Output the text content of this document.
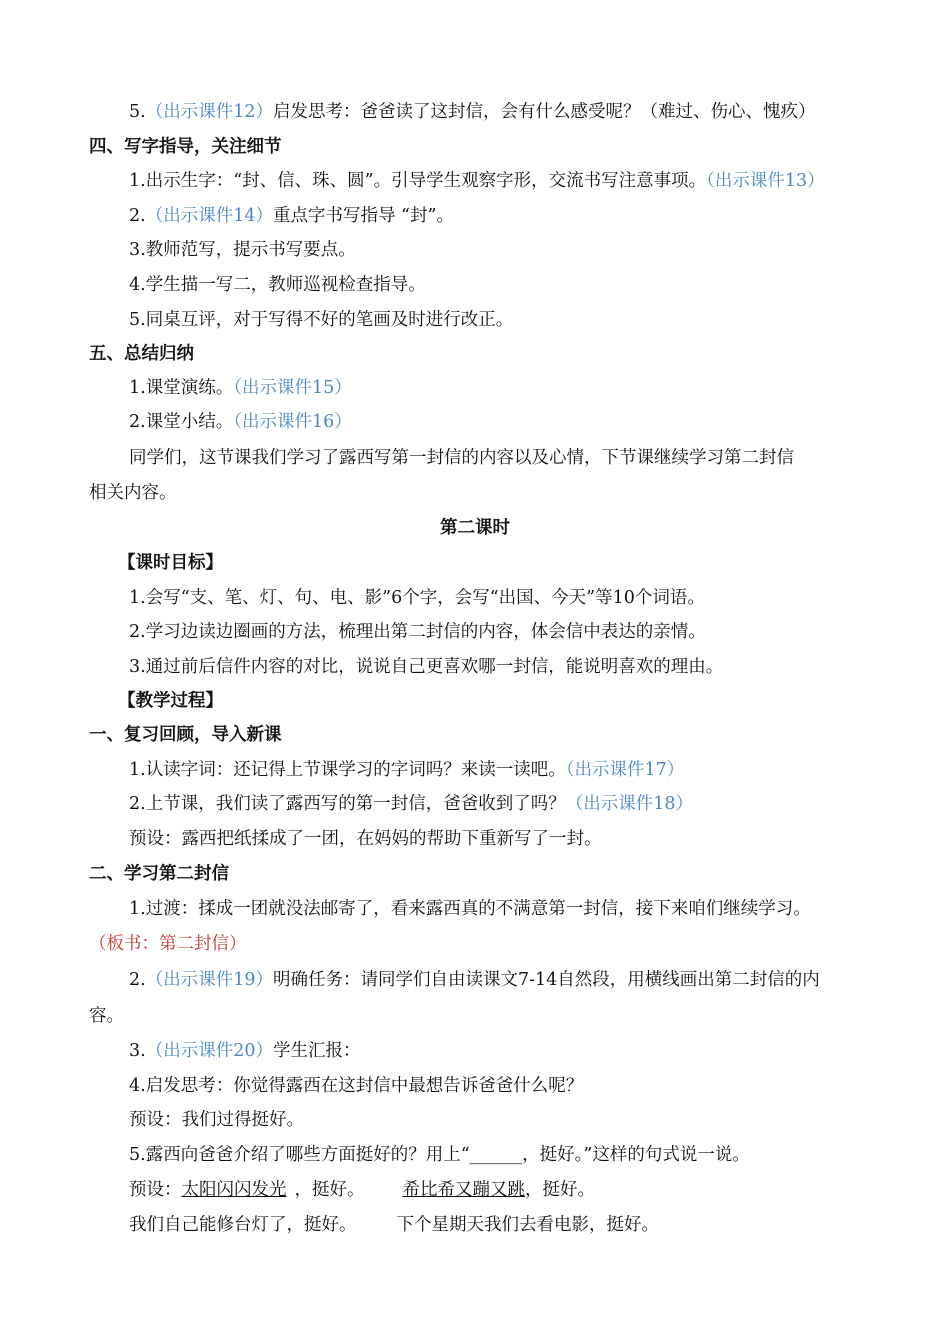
5.（出示课件12）启发思考：爸爸读了这封信，会有什么感受呢？（难过、伤心、愧疚）
四、写字指导，关注细节
1.出示生字：“封、信、珠、圆”。引导学生观察字形，交流书写注意事项。（出示课件13）
2.（出示课件14）重点字书写指导 “封”。
3.教师范写，提示书写要点。
4.学生描一写二，教师巡视检查指导。
5.同桌互评，对于写得不好的笔画及时进行改正。
五、总结归纳
1.课堂演练。（出示课件15）
2.课堂小结。（出示课件16）
同学们，这节课我们学习了露西写第一封信的内容以及心情，下节课继续学习第二封信
相关内容。
第二课时
【课时目标】
1.会写“支、笔、灯、句、电、影”6个字，会写“出国、今天”等10个词语。
2.学习边读边圈画的方法，梳理出第二封信的内容，体会信中表达的亲情。
3.通过前后信件内容的对比，说说自己更喜欢哪一封信，能说明喜欢的理由。
【教学过程】
一、复习回顾，导入新课
1.认读字词：还记得上节课学习的字词吗？来读一读吧。（出示课件17）
2.上节课，我们读了露西写的第一封信，爸爸收到了吗？（出示课件18）
预设：露西把纸揉成了一团，在妈妈的帮助下重新写了一封。
二、学习第二封信
1.过渡：揉成一团就没法邮寄了，看来露西真的不满意第一封信，接下来咱们继续学习。
（板书：第二封信）
2.（出示课件19）明确任务：请同学们自由读课文7-14自然段，用横线画出第二封信的内
容。
3.（出示课件20）学生汇报：
4.启发思考：你觉得露西在这封信中最想告诉爸爸什么呢？
预设：我们过得挺好。
5.露西向爸爸介绍了哪些方面挺好的？用上“______，挺好。”这样的句式说一说。
预设：太阳闪闪发光 ，挺好。 希比希又蹦又跳，挺好。
我们自己能修台灯了，挺好。 下个星期天我们去看电影，挺好。
